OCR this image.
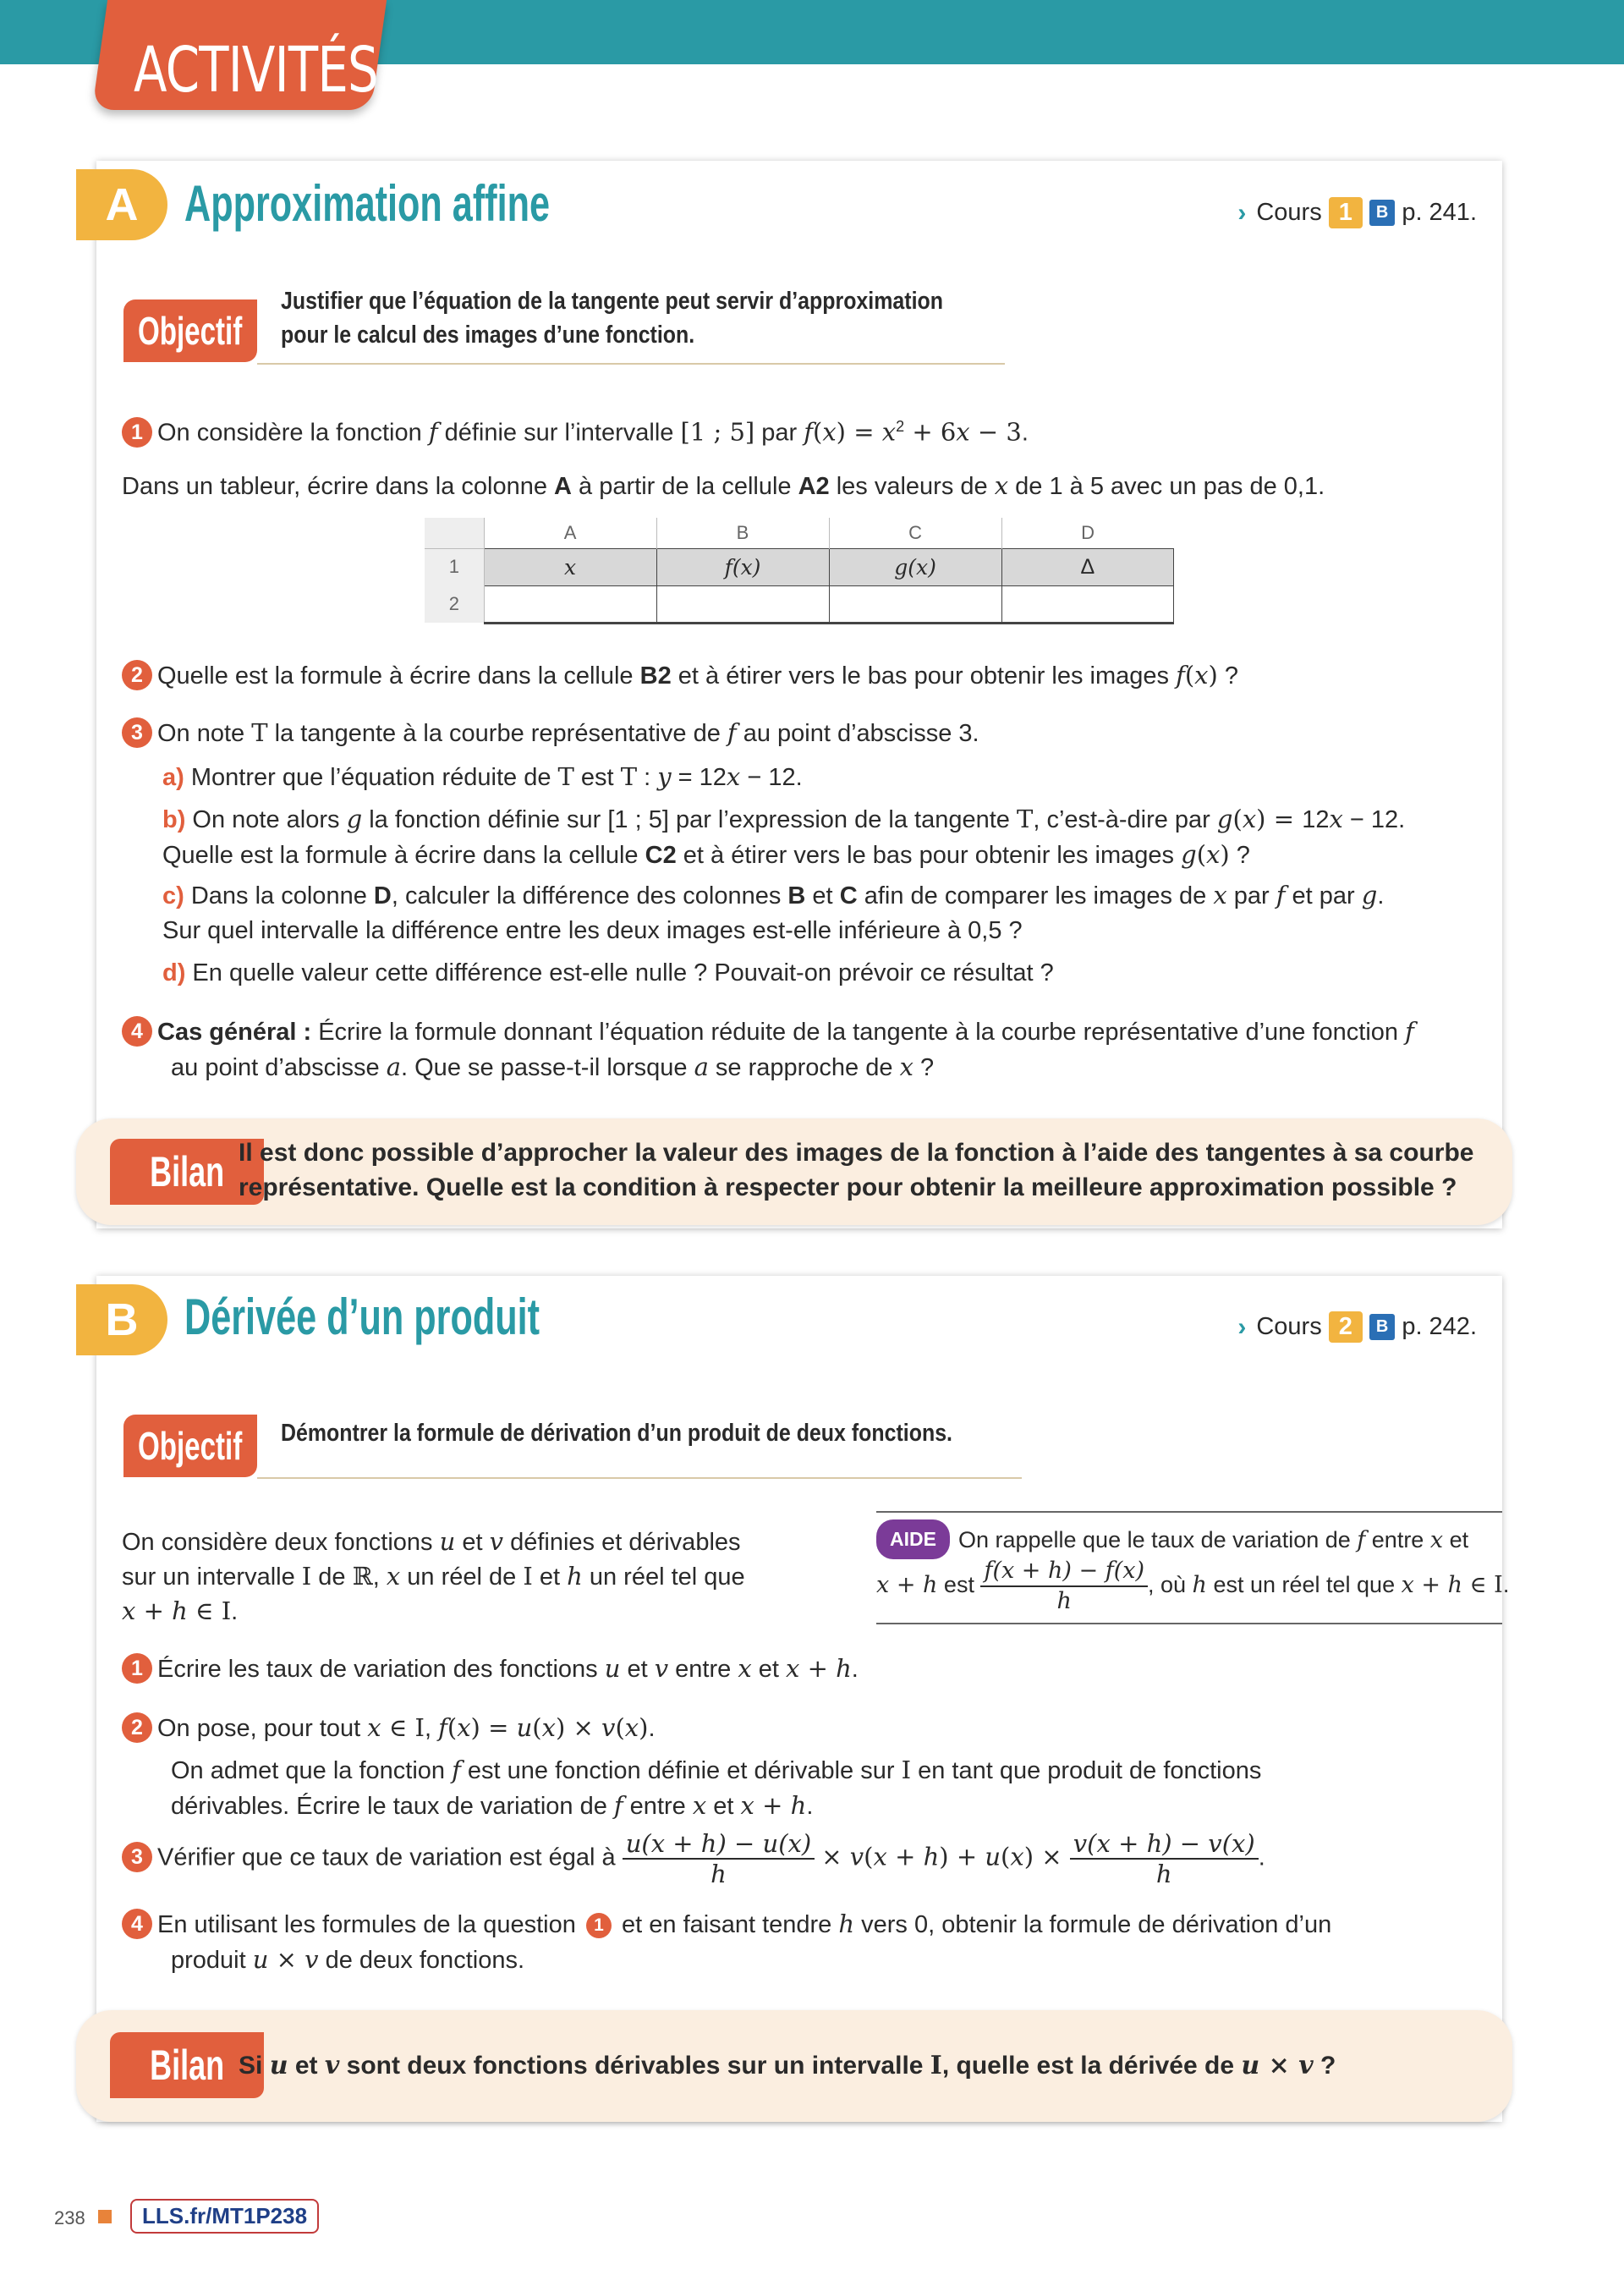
ACTIVITÉS
A Approximation affine	› Cours 1	B p. 241.
Objectif
Justifier que l’équation de la tangente peut servir d’approximation
pour le calcul des images d’une fonction.
1 On considère la fonction f définie sur l’intervalle [1 ; 5] par $f(x) = x^2 + 6x - 3$.
Dans un tableur, écrire dans la colonne A à partir de la cellule A2 les valeurs de x de 1 à 5 avec un pas de 0,1.
	A	B	C	D
1	x	f(x)	g(x)	Δ
2				
2 Quelle est la formule à écrire dans la cellule B2 et à étirer vers le bas pour obtenir les images f(x) ?
3 On note T la tangente à la courbe représentative de f au point d’abscisse 3.
a) Montrer que l’équation réduite de T est T : y = 12x − 12.
b) On note alors g la fonction définie sur [1 ; 5] par l’expression de la tangente T, c’est-à-dire par g(x) = 12x − 12.
Quelle est la formule à écrire dans la cellule C2 et à étirer vers le bas pour obtenir les images g(x) ?
c) Dans la colonne D, calculer la différence des colonnes B et C afin de comparer les images de x par f et par g.
Sur quel intervalle la différence entre les deux images est-elle inférieure à 0,5 ?
d) En quelle valeur cette différence est-elle nulle ? Pouvait-on prévoir ce résultat ?
4 Cas général : Écrire la formule donnant l’équation réduite de la tangente à la courbe représentative d’une fonction f
au point d’abscisse a. Que se passe-t-il lorsque a se rapproche de x ?
Bilan Il est donc possible d’approcher la valeur des images de la fonction à l’aide des tangentes à sa courbe
représentative. Quelle est la condition à respecter pour obtenir la meilleure approximation possible ?
B Dérivée d’un produit	› Cours 2	B p. 242.
Objectif Démontrer la formule de dérivation d’un produit de deux fonctions.
On considère deux fonctions u et v définies et dérivables
sur un intervalle I de ℝ, x un réel de I et h un réel tel que
x + h ∈ I.
AIDE On rappelle que le taux de variation de f entre x et
x + h est $\frac{f(x + h) - f(x)}{h}$ , où h est un réel tel que x + h ∈ I.
1 Écrire les taux de variation des fonctions u et v entre x et x + h.
2 On pose, pour tout x ∈ I, f(x) = u(x) × v(x).
On admet que la fonction f est une fonction définie et dérivable sur I en tant que produit de fonctions
dérivables. Écrire le taux de variation de f entre x et x + h.
3 Vérifier que ce taux de variation est égal à $\frac{u(x + h) - u(x)}{h} \times v(x + h) + u(x) \times \frac{v(x + h) - v(x)}{h}$ .
4 En utilisant les formules de la question 1 et en faisant tendre h vers 0, obtenir la formule de dérivation d’un
produit u × v de deux fonctions.
Bilan Si u et v sont deux fonctions dérivables sur un intervalle I, quelle est la dérivée de u × v ?
238	LLS.fr/MT1P238
